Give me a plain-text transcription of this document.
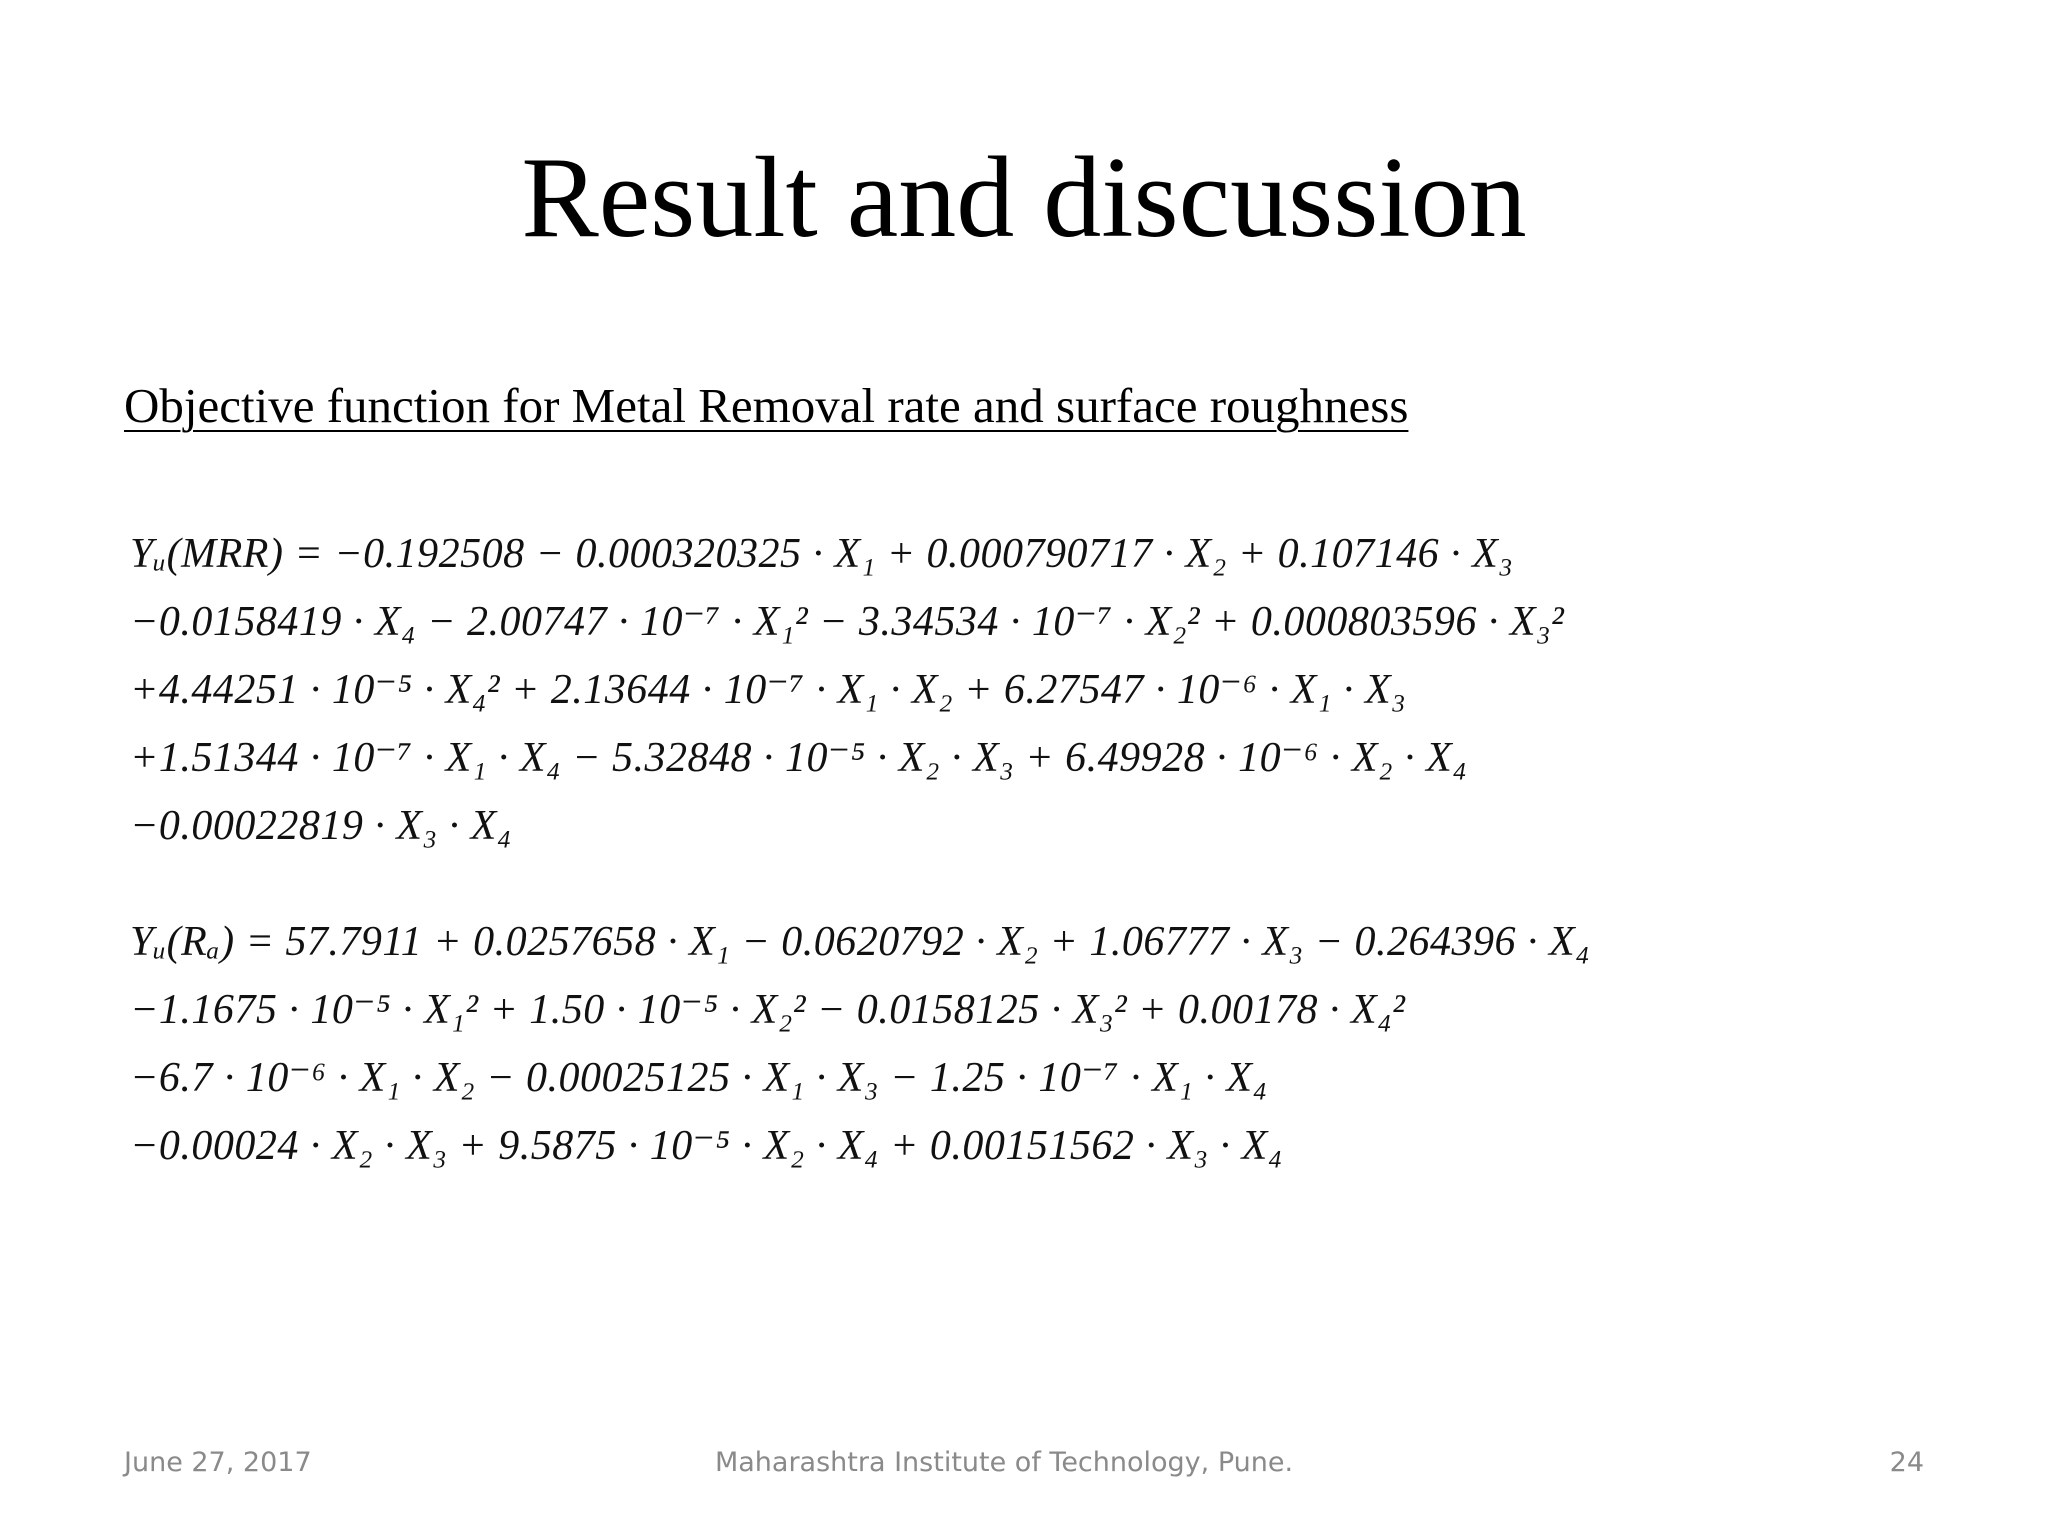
Result and discussion
Objective function for Metal Removal rate and surface roughness
Yᵤ(MRR) = −0.192508 − 0.000320325 · X₁ + 0.000790717 · X₂ + 0.107146 · X₃
−0.0158419 · X₄ − 2.00747 · 10⁻⁷ · X₁² − 3.34534 · 10⁻⁷ · X₂² + 0.000803596 · X₃²
+4.44251 · 10⁻⁵ · X₄² + 2.13644 · 10⁻⁷ · X₁ · X₂ + 6.27547 · 10⁻⁶ · X₁ · X₃
+1.51344 · 10⁻⁷ · X₁ · X₄ − 5.32848 · 10⁻⁵ · X₂ · X₃ + 6.49928 · 10⁻⁶ · X₂ · X₄
−0.00022819 · X₃ · X₄
Yᵤ(Rₐ) = 57.7911 + 0.0257658 · X₁ − 0.0620792 · X₂ + 1.06777 · X₃ − 0.264396 · X₄
−1.1675 · 10⁻⁵ · X₁² + 1.50 · 10⁻⁵ · X₂² − 0.0158125 · X₃² + 0.00178 · X₄²
−6.7 · 10⁻⁶ · X₁ · X₂ − 0.00025125 · X₁ · X₃ − 1.25 · 10⁻⁷ · X₁ · X₄
−0.00024 · X₂ · X₃ + 9.5875 · 10⁻⁵ · X₂ · X₄ + 0.00151562 · X₃ · X₄
June 27, 2017	Maharashtra Institute of Technology, Pune.	24
